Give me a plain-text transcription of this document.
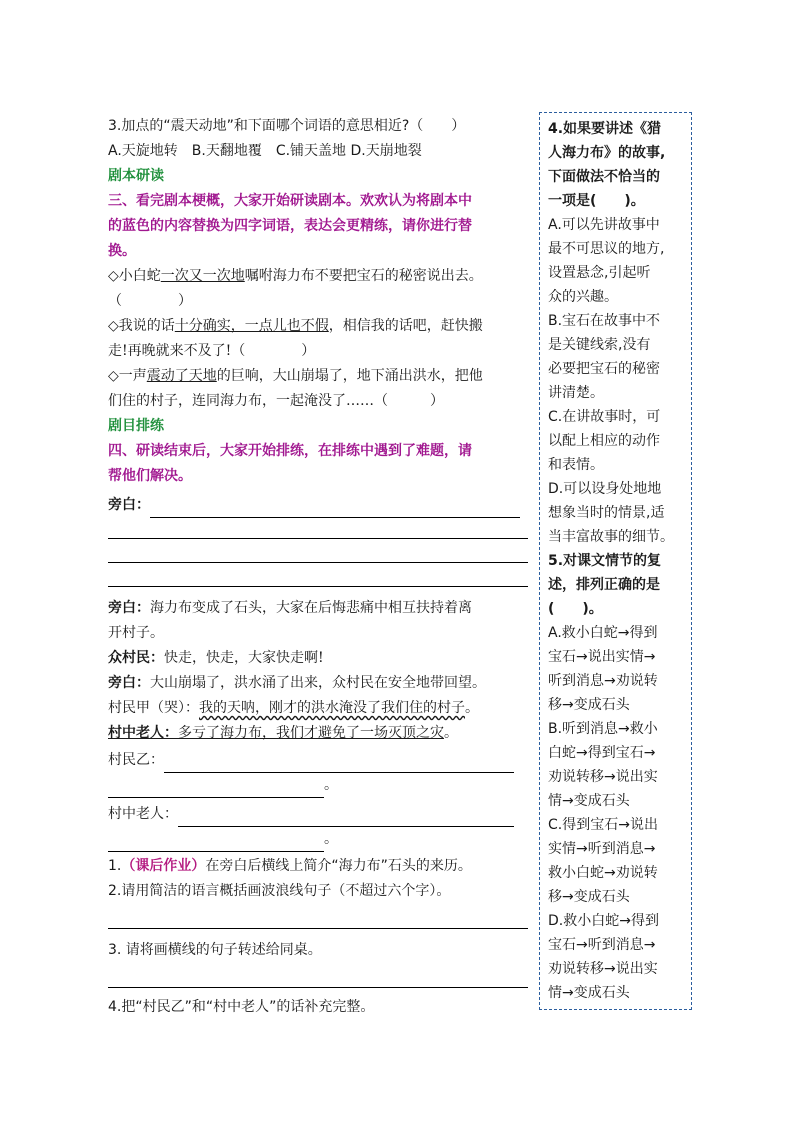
3.加点的“震天动地”和下面哪个词语的意思相近?（　　）
A.天旋地转　B.天翻地覆　C.铺天盖地 D.天崩地裂
剧本研读
三、看完剧本梗概，大家开始研读剧本。欢欢认为将剧本中
的蓝色的内容替换为四字词语，表达会更精练，请你进行替
换。
◇小白蛇一次又一次地嘱咐海力布不要把宝石的秘密说出去。
（　　　　）
◇我说的话十分确实，一点儿也不假，相信我的话吧，赶快搬
走!再晚就来不及了!（　　　　）
◇一声震动了天地的巨响，大山崩塌了，地下涌出洪水，把他
们住的村子，连同海力布，一起淹没了……（　　　）
剧目排练
四、研读结束后，大家开始排练，在排练中遇到了难题，请
帮他们解决。
旁白：
旁白：海力布变成了石头，大家在后悔悲痛中相互扶持着离
开村子。
众村民：快走，快走，大家快走啊!
旁白：大山崩塌了，洪水涌了出来，众村民在安全地带回望。
村民甲（哭）：我的天呐，刚才的洪水淹没了我们住的村子。
村中老人：多亏了海力布，我们才避免了一场灭顶之灾。
村民乙：
。
村中老人：
。
1.（课后作业）在旁白后横线上简介“海力布”石头的来历。
2.请用简洁的语言概括画波浪线句子（不超过六个字）。
3. 请将画横线的句子转述给同桌。
4.把“村民乙”和“村中老人”的话补充完整。
4.如果要讲述《猎
人海力布》的故事,
下面做法不恰当的
一项是(　　)。
A.可以先讲故事中
最不可思议的地方,
设置悬念,引起听
众的兴趣。
B.宝石在故事中不
是关键线索,没有
必要把宝石的秘密
讲清楚。
C.在讲故事时，可
以配上相应的动作
和表情。
D.可以设身处地地
想象当时的情景,适
当丰富故事的细节。
5.对课文情节的复
述，排列正确的是
(　　)。
A.救小白蛇→得到
宝石→说出实情→
听到消息→劝说转
移→变成石头
B.听到消息→救小
白蛇→得到宝石→
劝说转移→说出实
情→变成石头
C.得到宝石→说出
实情→听到消息→
救小白蛇→劝说转
移→变成石头
D.救小白蛇→得到
宝石→听到消息→
劝说转移→说出实
情→变成石头
